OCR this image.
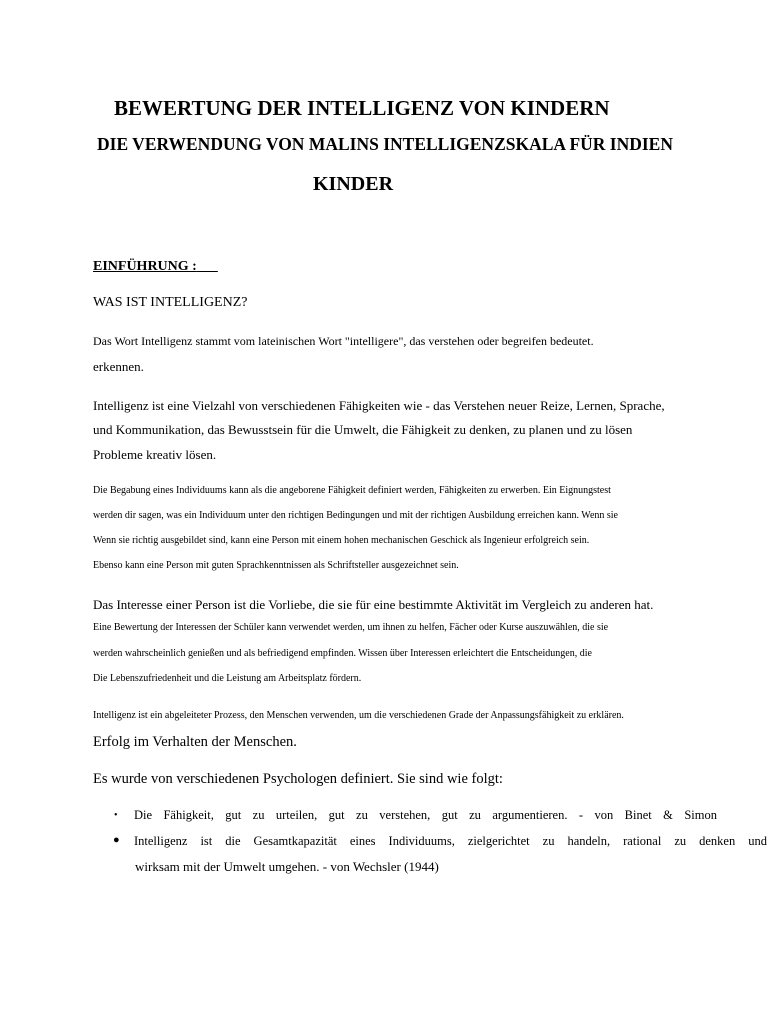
BEWERTUNG DER INTELLIGENZ VON KINDERN
DIE VERWENDUNG VON MALINS INTELLIGENZSKALA FÜR INDIEN
KINDER
EINFÜHRUNG :
WAS IST INTELLIGENZ?
Das Wort Intelligenz stammt vom lateinischen Wort "intelligere", das verstehen oder begreifen bedeutet.
erkennen.
Intelligenz ist eine Vielzahl von verschiedenen Fähigkeiten wie - das Verstehen neuer Reize, Lernen, Sprache,
und Kommunikation, das Bewusstsein für die Umwelt, die Fähigkeit zu denken, zu planen und zu lösen
Probleme kreativ lösen.
Die Begabung eines Individuums kann als die angeborene Fähigkeit definiert werden, Fähigkeiten zu erwerben. Ein Eignungstest
werden dir sagen, was ein Individuum unter den richtigen Bedingungen und mit der richtigen Ausbildung erreichen kann. Wenn sie
Wenn sie richtig ausgebildet sind, kann eine Person mit einem hohen mechanischen Geschick als Ingenieur erfolgreich sein.
Ebenso kann eine Person mit guten Sprachkenntnissen als Schriftsteller ausgezeichnet sein.
Das Interesse einer Person ist die Vorliebe, die sie für eine bestimmte Aktivität im Vergleich zu anderen hat.
Eine Bewertung der Interessen der Schüler kann verwendet werden, um ihnen zu helfen, Fächer oder Kurse auszuwählen, die sie
werden wahrscheinlich genießen und als befriedigend empfinden. Wissen über Interessen erleichtert die Entscheidungen, die
Die Lebenszufriedenheit und die Leistung am Arbeitsplatz fördern.
Intelligenz ist ein abgeleiteter Prozess, den Menschen verwenden, um die verschiedenen Grade der Anpassungsfähigkeit zu erklären.
Erfolg im Verhalten der Menschen.
Es wurde von verschiedenen Psychologen definiert. Sie sind wie folgt:
• Die Fähigkeit, gut zu urteilen, gut zu verstehen, gut zu argumentieren. - von Binet & Simon
● Intelligenz ist die Gesamtkapazität eines Individuums, zielgerichtet zu handeln, rational zu denken und
wirksam mit der Umwelt umgehen. - von Wechsler (1944)
